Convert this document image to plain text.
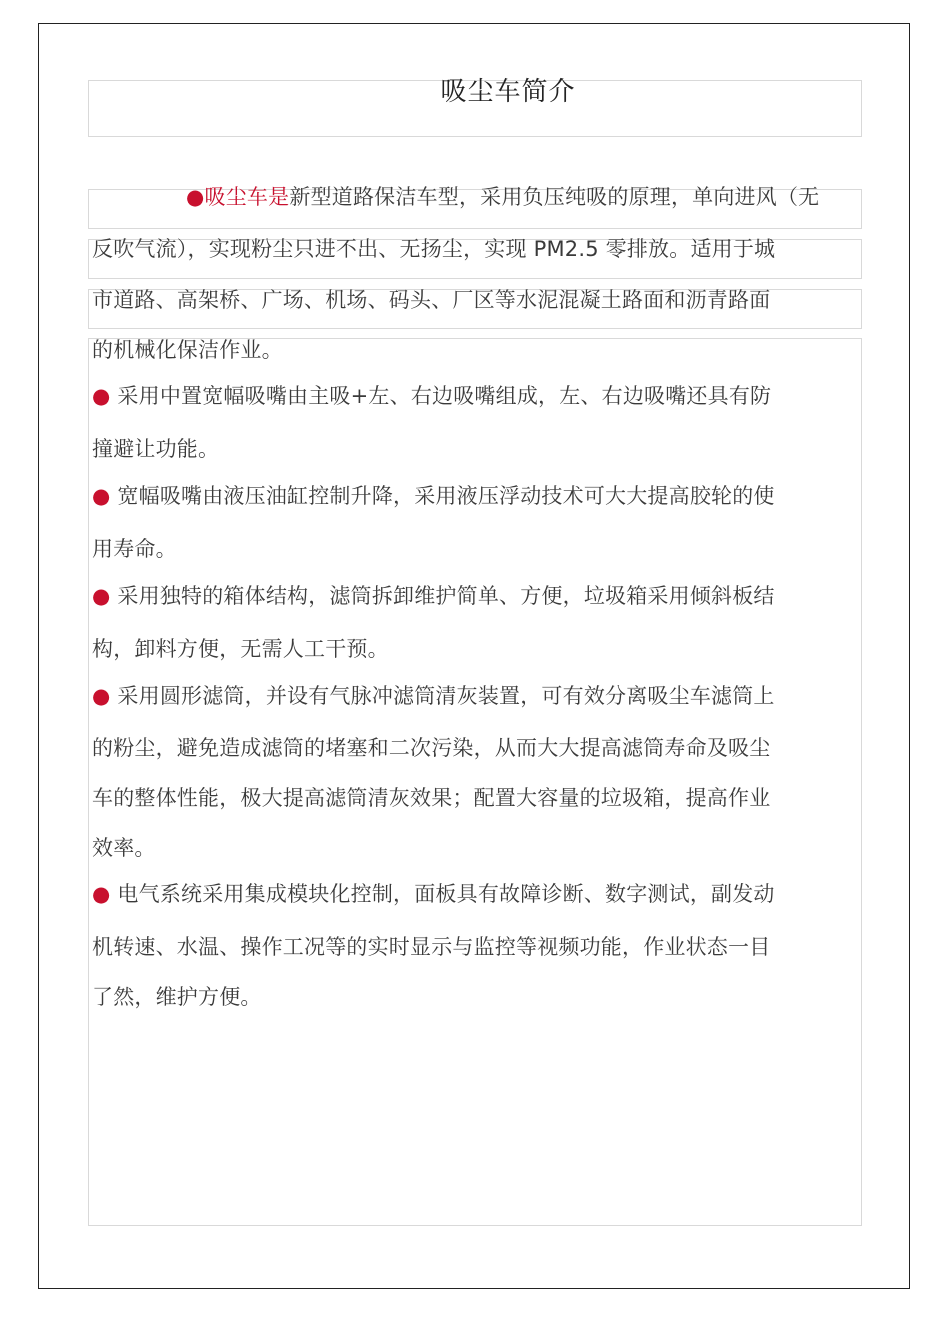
吸尘车简介
●吸尘车是新型道路保洁车型，采用负压纯吸的原理，单向进风（无
反吹气流），实现粉尘只进不出、无扬尘，实现 PM2.5 零排放。适用于城
市道路、高架桥、广场、机场、码头、厂区等水泥混凝土路面和沥青路面
的机械化保洁作业。
● 采用中置宽幅吸嘴由主吸+左、右边吸嘴组成，左、右边吸嘴还具有防
撞避让功能。
● 宽幅吸嘴由液压油缸控制升降，采用液压浮动技术可大大提高胶轮的使
用寿命。
● 采用独特的箱体结构，滤筒拆卸维护简单、方便，垃圾箱采用倾斜板结
构，卸料方便，无需人工干预。
● 采用圆形滤筒，并设有气脉冲滤筒清灰装置，可有效分离吸尘车滤筒上
的粉尘，避免造成滤筒的堵塞和二次污染，从而大大提高滤筒寿命及吸尘
车的整体性能，极大提高滤筒清灰效果；配置大容量的垃圾箱，提高作业
效率。
● 电气系统采用集成模块化控制，面板具有故障诊断、数字测试，副发动
机转速、水温、操作工况等的实时显示与监控等视频功能，作业状态一目
了然，维护方便。
